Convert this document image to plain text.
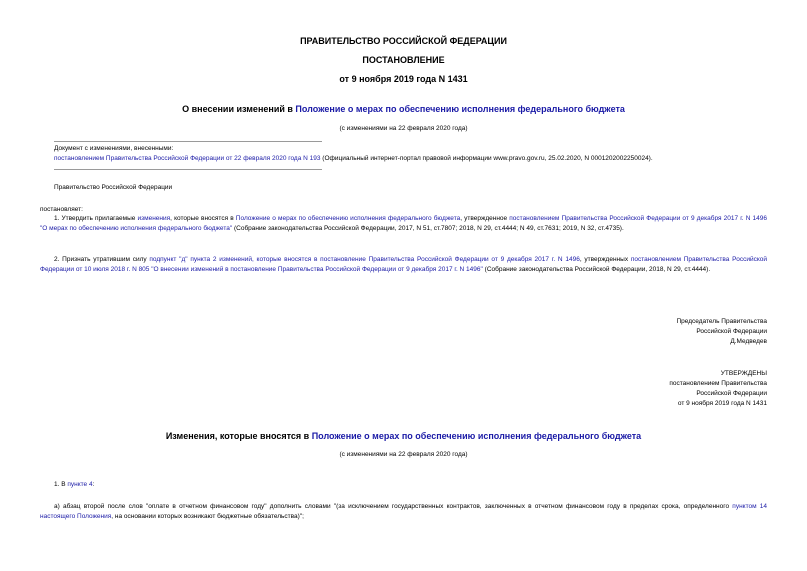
ПРАВИТЕЛЬСТВО РОССИЙСКОЙ ФЕДЕРАЦИИ
ПОСТАНОВЛЕНИЕ
от 9 ноября 2019 года N 1431
О внесении изменений в Положение о мерах по обеспечению исполнения федерального бюджета
(с изменениями на 22 февраля 2020 года)
Документ с изменениями, внесенными:
постановлением Правительства Российской Федерации от 22 февраля 2020 года N 193 (Официальный интернет-портал правовой информации www.pravo.gov.ru, 25.02.2020, N 0001202002250024).
Правительство Российской Федерации
постановляет:
1. Утвердить прилагаемые изменения, которые вносятся в Положение о мерах по обеспечению исполнения федерального бюджета, утвержденное постановлением Правительства Российской Федерации от 9 декабря 2017 г. N 1496 "О мерах по обеспечению исполнения федерального бюджета" (Собрание законодательства Российской Федерации, 2017, N 51, ст.7807; 2018, N 29, ст.4444; N 49, ст.7631; 2019, N 32, ст.4735).
2. Признать утратившим силу подпункт "д" пункта 2 изменений, которые вносятся в постановление Правительства Российской Федерации от 9 декабря 2017 г. N 1496, утвержденных постановлением Правительства Российской Федерации от 10 июля 2018 г. N 805 "О внесении изменений в постановление Правительства Российской Федерации от 9 декабря 2017 г. N 1496" (Собрание законодательства Российской Федерации, 2018, N 29, ст.4444).
Председатель Правительства
Российской Федерации
Д.Медведев
УТВЕРЖДЕНЫ
постановлением Правительства
Российской Федерации
от 9 ноября 2019 года N 1431
Изменения, которые вносятся в Положение о мерах по обеспечению исполнения федерального бюджета
(с изменениями на 22 февраля 2020 года)
1. В пункте 4:
а) абзац второй после слов "оплате в отчетном финансовом году" дополнить словами "(за исключением государственных контрактов, заключенных в отчетном финансовом году в пределах срока, определенного пунктом 14 настоящего Положения, на основании которых возникают бюджетные обязательства)";
